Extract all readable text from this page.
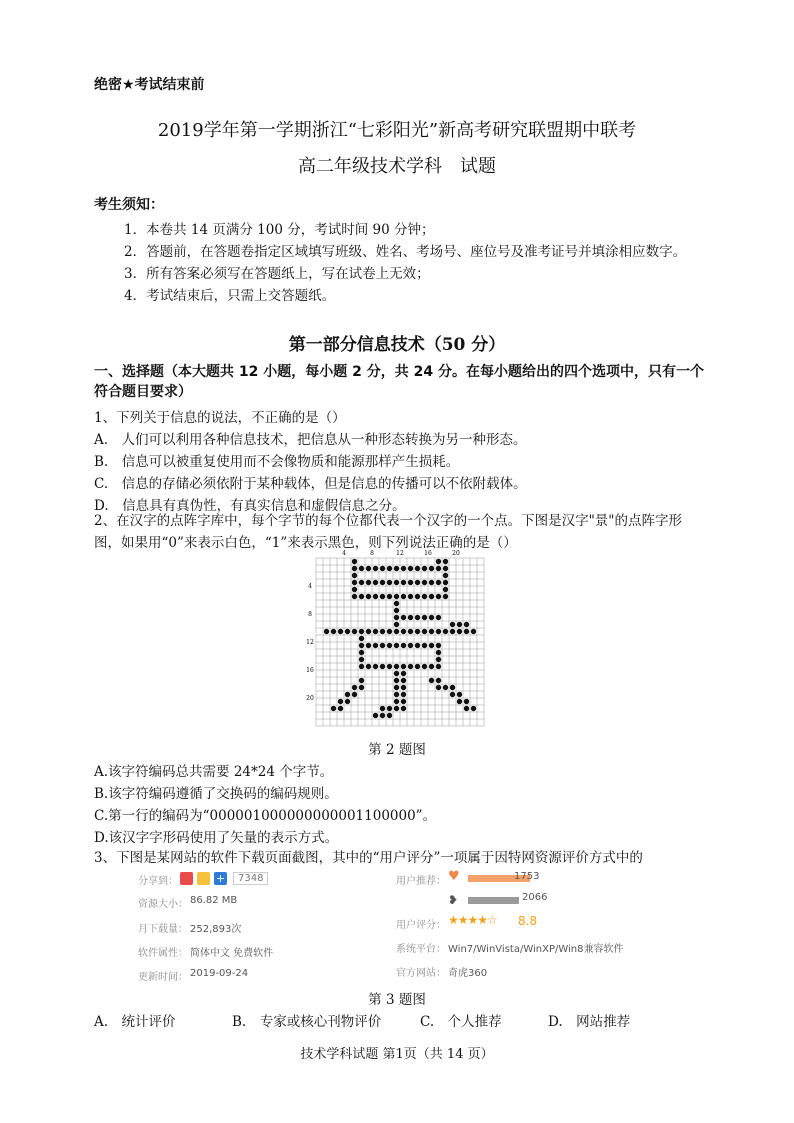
绝密★考试结束前
2019学年第一学期浙江“七彩阳光”新高考研究联盟期中联考
高二年级技术学科　试题
考生须知：
1．本卷共 14 页满分 100 分，考试时间 90 分钟；
2．答题前，在答题卷指定区域填写班级、姓名、考场号、座位号及准考证号并填涂相应数字。
3．所有答案必须写在答题纸上，写在试卷上无效；
4．考试结束后，只需上交答题纸。
第一部分信息技术（50 分）
一、选择题（本大题共 12 小题，每小题 2 分，共 24 分。在每小题给出的四个选项中，只有一个符合题目要求）
1、下列关于信息的说法，不正确的是（）
A.　人们可以利用各种信息技术，把信息从一种形态转换为另一种形态。
B.　信息可以被重复使用而不会像物质和能源那样产生损耗。
C.　信息的存储必须依附于某种载体，但是信息的传播可以不依附载体。
D.　信息具有真伪性，有真实信息和虚假信息之分。
2、在汉字的点阵字库中，每个字节的每个位都代表一个汉字的一个点。下图是汉字"景"的点阵字形图，如果用“0”来表示白色，“1”来表示黑色，则下列说法正确的是（）
4	8	12	16	20
4
8
12
16
20
第 2 题图
A.该字符编码总共需要 24*24 个字节。
B.该字符编码遵循了交换码的编码规则。
C.第一行的编码为“000001000000000001100000”。
D.该汉字字形码使用了矢量的表示方式。
3、下图是某网站的软件下载页面截图，其中的“用户评分”一项属于因特网资源评价方式中的
分享到：	+	7348
资源大小： 86.82 MB
月下载量： 252,893次
软件属性： 简体中文 免费软件
更新时间： 2019-09-24
用户推荐： ♥	1753
❥	2066
用户评分： ★★★★☆ 8.8
系统平台： Win7/WinVista/WinXP/Win8兼容软件
官方网站： 奇虎360
第 3 题图
A.　统计评价	B.　专家或核心刊物评价	C.　个人推荐	D.　网站推荐
技术学科试题 第1页（共 14 页）
